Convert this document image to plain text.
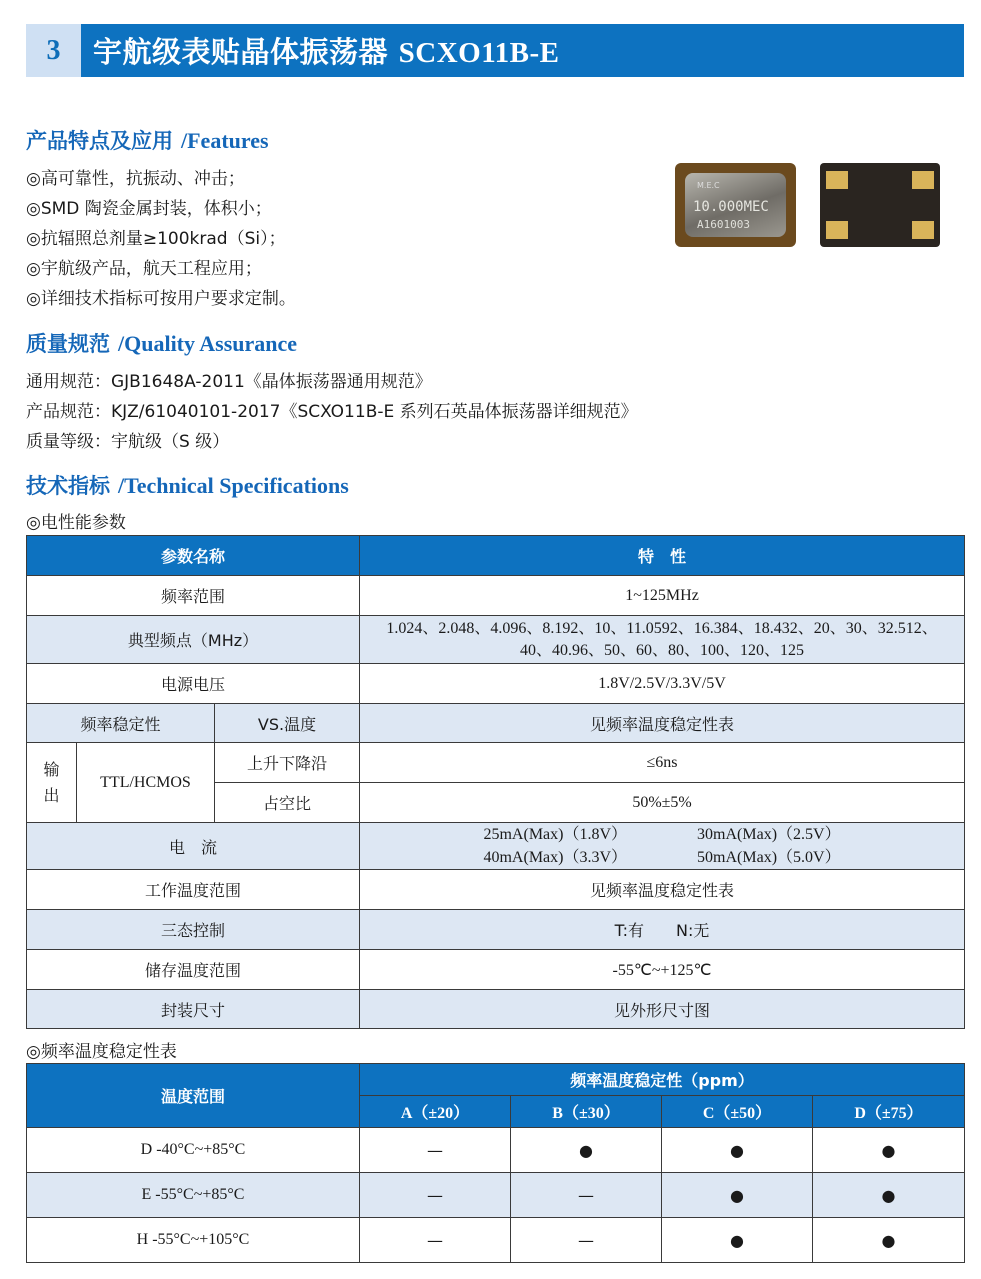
3	宇航级表贴晶体振荡器 SCXO11B-E
产品特点及应用 /Features
◎高可靠性，抗振动、冲击；
◎SMD 陶瓷金属封装，体积小；
◎抗辐照总剂量≥100krad（Si）；
◎宇航级产品，航天工程应用；
◎详细技术指标可按用户要求定制。
M.E.C
10.000MEC
A1601003
质量规范 /Quality Assurance
通用规范：GJB1648A-2011《晶体振荡器通用规范》
产品规范：KJZ/61040101-2017《SCXO11B-E 系列石英晶体振荡器详细规范》
质量等级：宇航级（S 级）
技术指标 /Technical Specifications
◎电性能参数
参数名称			特　性
频率范围			1~125MHz
典型频点（MHz）			1.024、2.048、4.096、8.192、10、11.0592、16.384、18.432、20、30、32.512、
40、40.96、50、60、80、100、120、125

电源电压			1.8V/2.5V/3.3V/5V
频率稳定性		VS.温度	见频率温度稳定性表

输
出	TTL/HCMOS	上升下降沿	≤6ns
		占空比	50%±5%
电　流			25mA(Max)（1.8V） 30mA(Max)（2.5V）
40mA(Max)（3.3V） 50mA(Max)（5.0V）

工作温度范围			见频率温度稳定性表
三态控制			T:有 N:无
储存温度范围			-55℃~+125℃
封装尺寸			见外形尺寸图
◎频率温度稳定性表
温度范围	频率温度稳定性（ppm）			
	A（±20）	B（±30）	C（±50）	D（±75）
D -40°C~+85°C	—	●	●	●
E -55°C~+85°C	—	—	●	●
H -55°C~+105°C	—	—	●	●
